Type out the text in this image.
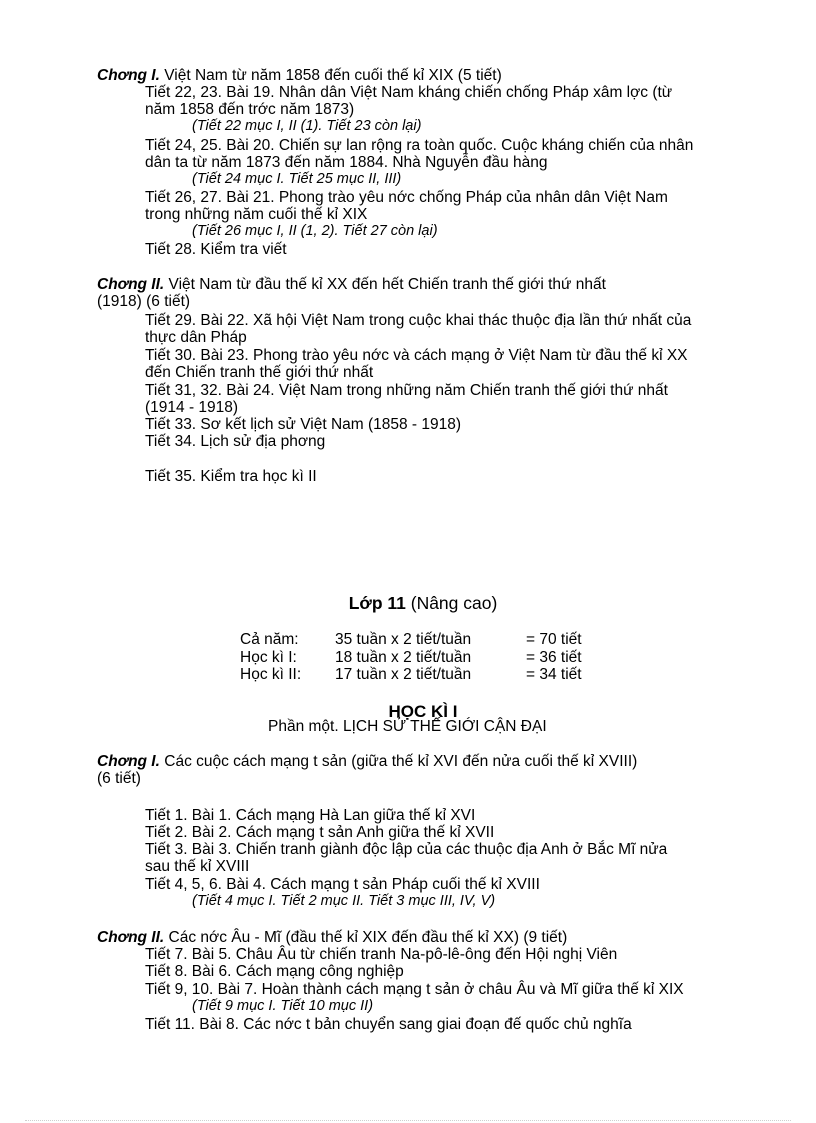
Chơng I. Việt Nam từ năm 1858 đến cuối thế kỉ XIX (5 tiết)
Tiết 22, 23. Bài 19. Nhân dân Việt Nam kháng chiến chống Pháp xâm lợc (từ
năm 1858 đến trớc năm 1873)
(Tiết 22 mục I, II (1). Tiết 23 còn lại)
Tiết 24, 25. Bài 20. Chiến sự lan rộng ra toàn quốc. Cuộc kháng chiến của nhân
dân ta từ năm 1873 đến năm 1884. Nhà Nguyễn đầu hàng
(Tiết 24 mục I. Tiết 25 mục II, III)
Tiết 26, 27. Bài 21. Phong trào yêu nớc chống Pháp của nhân dân Việt Nam
trong những năm cuối thế kỉ XIX
(Tiết 26 mục I, II (1, 2). Tiết 27 còn lại)
Tiết 28. Kiểm tra viết
Chơng II. Việt Nam từ đầu thế kỉ XX đến hết Chiến tranh thế giới thứ nhất
(1918) (6 tiết)
Tiết 29. Bài 22. Xã hội Việt Nam trong cuộc khai thác thuộc địa lần thứ nhất của
thực dân Pháp
Tiết 30. Bài 23. Phong trào yêu nớc và cách mạng ở Việt Nam từ đầu thế kỉ XX
đến Chiến tranh thế giới thứ nhất
Tiết 31, 32. Bài 24. Việt Nam trong những năm Chiến tranh thế giới thứ nhất
(1914 - 1918)
Tiết 33. Sơ kết lịch sử Việt Nam (1858 - 1918)
Tiết 34. Lịch sử địa phơng
Tiết 35. Kiểm tra học kì II
Lớp 11 (Nâng cao)
Cả năm: 35 tuần x 2 tiết/tuần	= 70 tiết
Học kì I: 18 tuần x 2 tiết/tuần	= 36 tiết
Học kì II: 17 tuần x 2 tiết/tuần	= 34 tiết
HỌC KÌ I
Phần một. LỊCH SỬ THẾ GIỚI CẬN ĐẠI
Chơng I. Các cuộc cách mạng t sản (giữa thế kỉ XVI đến nửa cuối thế kỉ XVIII)
(6 tiết)
Tiết 1. Bài 1. Cách mạng Hà Lan giữa thế kỉ XVI
Tiết 2. Bài 2. Cách mạng t sản Anh giữa thế kỉ XVII
Tiết 3. Bài 3. Chiến tranh giành độc lập của các thuộc địa Anh ở Bắc Mĩ nửa
sau thế kỉ XVIII
Tiết 4, 5, 6. Bài 4. Cách mạng t sản Pháp cuối thế kỉ XVIII
(Tiết 4 mục I. Tiết 2 mục II. Tiết 3 mục III, IV, V)
Chơng II. Các nớc Âu - Mĩ (đầu thế kỉ XIX đến đầu thế kỉ XX) (9 tiết)
Tiết 7. Bài 5. Châu Âu từ chiến tranh Na-pô-lê-ông đến Hội nghị Viên
Tiết 8. Bài 6. Cách mạng công nghiệp
Tiết 9, 10. Bài 7. Hoàn thành cách mạng t sản ở châu Âu và Mĩ giữa thế kỉ XIX
(Tiết 9 mục I. Tiết 10 mục II)
Tiết 11. Bài 8. Các nớc t bản chuyển sang giai đoạn đế quốc chủ nghĩa
